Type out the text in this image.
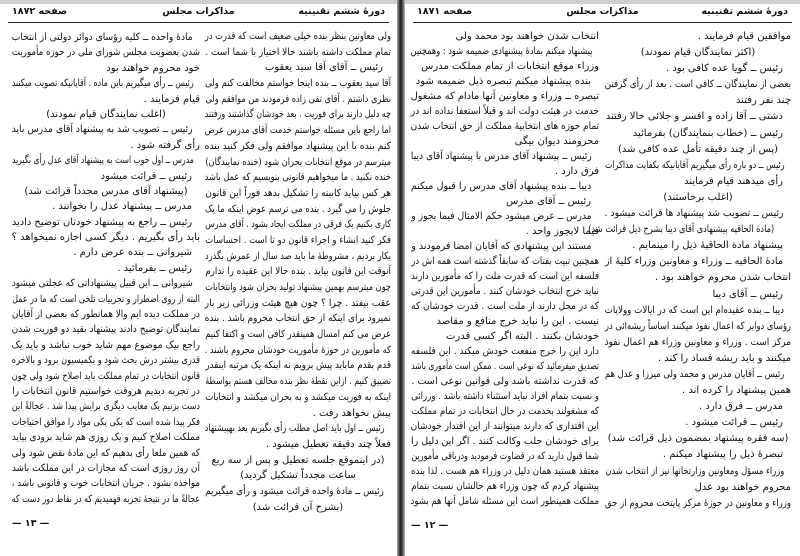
صفحه ۱۸۷۲	مذاکرات مجلس	دورهٔ ششم تقنینیه
ولی معاونین بنظر بنده خیلی ضعیف است که قدرت در
تمام مملکت داشته باشند حالا اختیار با شما است .
رئیس ــ آقای آقا سید یعقوب
آقا سید یعقوب ــ بنده اینجا خواستم مخالفت کنم ولی
نظری داشتم . آقای تقی زاده فرمودند من موافقم ولی
چه دلیل دارند برای فوریت . بعد خودشان گذاشتند ورفتند
اما راجع باین مسئله خواستم خدمت آقای مدرس عرض
کنم بنده با این پیشنهاد موافقم ولی فکر کنید بنده
میترسم در موقع انتخابات بحران شود (خنده نمایندگان)
خنده نکنید . ما میخواهیم قانونی بنویسیم که عمل باشد
هر کس بیاید کابینه را تشکیل بدهد فوراً این قانون
جلوش را می گیرد . بنده می ترسم عوض اینکه ما یک
کاری بکنیم یک فرقی در مملکت ایجاد بشود . آقای مدرس
فکر کنید انشاء و اجراء قانون دو تا است . احساسات
بکار بردیم ، مشروطهٔ ما باید صد سال از عمرش بگذرد
آنوقت این قانون بیاید . بنده حالا این عقیده را ندارم
چون میترسم بهمین پیشنهاد تولید بحران شود وانتخابات
عقب بیفتد . چرا ؟ چون هیچ هیئت وزرائی زیر بار
نمیرود برای اینکه از حق انتخاب محروم باشد . بنده
عرض می کنم امسال همینقدر کافی است و اکتفا کنیم
که مأمورین در حوزهٔ مأموریت خودشان محروم باشند .
قدم بقدم ماباید پیش برویم نه اینکه یک مرتبه اینقدر
تضییق کنیم . ازاین نقطهٔ نظر بنده مخالف هستم بواسطهٔ
اینکه به فوریت میکشد و به بحران میکشد و انتخابات
پیش نخواهد رفت .
رئیس ــ اول باید اصل مطلب رأی بگیریم بعد بهپیشنهاد
فعلاً چند دقیقه تعطیل میشود .
(در اینموقع جلسه تعطیل و پس از سه ربع
ساعت مجدداً تشکیل گردید)
رئیس ــ مادهٔ واحده قرائت میشود و رأی میگیریم
(بشرح آن قرائت شد)
مادهٔ واحده ــ کلیه رؤسای دوائر دولتی از انتخاب
شدن بعضویت مجلس شورای ملی در حوزه مأموریت
خود محروم خواهند بود
رئیس ــ رأی میگیریم باین ماده . آقایانیکه تصویب میکنند
قیام فرمایند .
(اغلب نمایندگان قیام نمودند)
رئیس ــ تصویب شد به پیشنهاد آقای مدرس باید
رأی گرفته شود .
مدرس ــ اول خوب است به پیشنهاد آقای عدل رأی بگیرید
رئیس ــ قرائت میشود
(پیشنهاد آقای مدرس مجدداً قرائت شد)
مدرس ــ پیشنهاد عدل را بخوانند .
رئیس ــ راجع به پیشنهاد خودتان توضیح دادید
باید رأی بگیریم . دیگر کسی اجازه نمیخواهد ؟
شیروانی ــ بنده عرض دارم .
رئیس ــ بفرمائید .
شیروانی ــ این قبیل پیشنهاداتی که عجلتی میشود
البته از روی اضطرار و تجربیات تلخی است که ما در عمل
در مملکت دیده ایم والا همانطور که بعضی از آقایان
نمایندگان توضیح دادند پیشنهاد بقید دو فوریت شدن
راجع بیک موضوع مهم شاید خوب نباشد و باید یک
قدری بیشتر درش بحث شود و بکمیسیون برود و بالاخره
قانون انتخابات در تمام مملکت باید اصلاح شود ولی چون
در تجربه دیدیم هروقت خواستیم قانون انتخابات را
دست بزنیم یک معایب دیگری برایش پیدا شد . عجالةً این
فکر پیدا شده است که یکی یکی مواد را موافق احتیاجات
مملکت اصلاح کنیم و یک روزی هم شاید بزودی بیاید
که همین ملعا رأی بدهیم که این مادهٔ نقض شود ولی
آن روز روزی است که مجازات در این مملکت باشد
مواخذه بشود . جریان انتخابات خوب و قانونی باشد ،
عجالةً ما در نتیجهٔ تجربه فهمیدیم که در نقاط دور دست که
— ۱۳ —
صفحه ۱۸۷۱	مذاکرات مجلس	دورهٔ ششم تقنینیه
موافقین قیام فرمایند .
(اکثر نمایندگان قیام نمودند)
رئیس ــ گویا عده کافی بود .
بعضی از نمایندگان ــ کافی است . بعد از رأی گرفتن
چند نفر رفتند
دشتی ــ آقا زاده و افسر و جلائی حالا رفتند
رئیس ــ (خطاب بنمایندگان) بفرمائید
(پس از چند دقیقه تأمل عده کافی شد)
رئیس ــ دو باره رأی میگیریم آقایانیکه بکفایت مذاکرات
رأی میدهند قیام فرمایند
(اغلب برخاستند)
رئیس ــ تصویب شد پیشنهاد ها قرائت میشود .
(مادة الحاقیه پیشنهادی آقای دیبا بشرح ذیل قرائت شد)
پیشنهاد مادة الحاقیهٔ ذیل را مینمایم .
مادهٔ الحاقیه ــ وزراء و معاونین وزراء کلیهٔ از
انتخاب شدن محروم خواهند بود .
رئیس ــ آقای دیبا
دیبا ــ بنده عقیده‌ام این است که در ایالات وولایات
رؤسای دوایر که اعمال نفوذ میکنند اساساً ریشه‌ائی در
مرکز است . وزراء و معاونین وزراء هم اعمال نفوذ
میکنند و باید ریشه فساد را کند .
رئیس ــ آقایان مدرس و محمد ولی میرزا و عدل هم
همین پیشنهاد را کرده اند .
مدرس ــ فرق دارد .
رئیس ــ قرائت میشود .
(سه فقره پیشنهاد بمضمون ذیل قرائت شد)
تبصرهٔ ذیل را پیشنهاد میکنم .
وزراء مسؤل ومعاونین وزارتخانها نیز از انتخاب شدن
محروم خواهند بود عدل
وزراء و معاونین در حوزهٔ مرکز پایتخت محروم از حق
انتخاب شدن خواهند بود محمد ولی
پیشنهاد میکنم بمادهٔ پیشنهادی ضمیمه شود : وهمچنین
وزراء موقع انتخابات از تمام مملکت مدرس
بنده پیشنهاد میکنم تبصره ذیل ضمیمه شود
تبصره ــ وزراء و معاونین آنها مادام که مشغول
خدمت در هیئت دولت اند و قبلاً استعفا نداده اند در
تمام حوزه های انتخابیهٔ مملکت از حق انتخاب شدن
محرومند دیوان بیگی
رئیس ــ پیشنهاد آقای مدرس با پیشنهاد آقای دیبا
فرق دارد .
دیبا ــ بنده پیشنهاد آقای مدرس را قبول میکنم
رئیس ــ آقای مدرس
مدرس ــ عرض میشود حکم الامثال فیما یجوز و
فیما لایجوز واحد .
مستند این پیشنهادی که آقایان امضا فرمودند و
همچنین تبیت بفتات که سابقاً گذشته است همه اش در
فلسفه این است که قدرت ملت را که مأمورین دارند
نباید خرج انتخاب خودشان کنند . مأمورین این قدرتی
که در محل دارند از ملت است . قدرت خودشان که
نیست . این را نباید خرج منافع و مقاصد
خودشان بکنند . البته اگر کسی قدرت
دارد این را خرج منفعت خودش میکند . این فلسفه
تصدیق میفرمائید که نوعی است . ممکن است مأموری باشد
که قدرت نداشته باشد ولی قوانین نوعی است .
و نسبت بتمام افراد نباید استثناء داشته باشد . وزرائی
که مشغولند بخدمت در حال انتخابات در تمام مملکت
این اقتداری که دارند میتوانند از این اقتدار خودشان
برای خودشان جلب وکالت کنند . اگر این دلیل را
شما قبول دارید که در قضاوت فرمودید ودرباقی مأمورین
معتقد هستید همان دلیل در وزراء هم هست . لذا بنده
پیشنهاد کردم که چون وزراء هم حالشان نسبت بتمام
مملکت همینطور است این مسئله شامل آنها هم بشود
— ۱۲ —
